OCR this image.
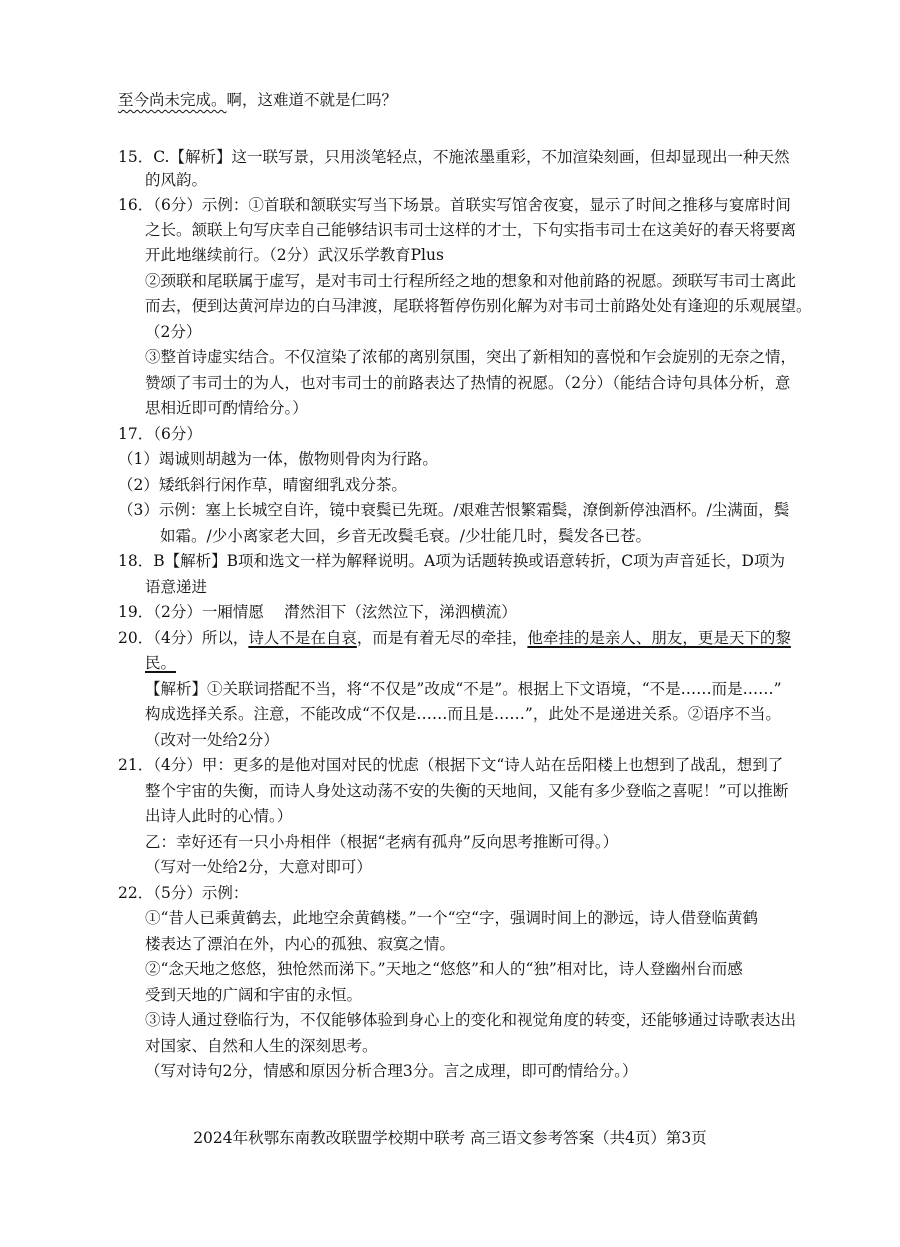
至今尚未完成。啊，这难道不就是仁吗？
15．C.【解析】这一联写景，只用淡笔轻点，不施浓墨重彩，不加渲染刻画，但却显现出一种天然
的风韵。
16．（6分）示例：①首联和颔联实写当下场景。首联实写馆舍夜宴，显示了时间之推移与宴席时间
之长。颔联上句写庆幸自己能够结识韦司士这样的才士，下句实指韦司士在这美好的春天将要离
开此地继续前行。（2分）武汉乐学教育Plus
②颈联和尾联属于虚写，是对韦司士行程所经之地的想象和对他前路的祝愿。颈联写韦司士离此
而去，便到达黄河岸边的白马津渡，尾联将暂停伤别化解为对韦司士前路处处有逢迎的乐观展望。
（2分）
③整首诗虚实结合。不仅渲染了浓郁的离别氛围，突出了新相知的喜悦和乍会旋别的无奈之情，
赞颂了韦司士的为人，也对韦司士的前路表达了热情的祝愿。（2分）（能结合诗句具体分析，意
思相近即可酌情给分。）
17．（6分）
（1）竭诚则胡越为一体，傲物则骨肉为行路。
（2）矮纸斜行闲作草，晴窗细乳戏分茶。
（3）示例：塞上长城空自许，镜中衰鬓已先斑。/艰难苦恨繁霜鬓，潦倒新停浊酒杯。/尘满面，鬓
如霜。/少小离家老大回，乡音无改鬓毛衰。/少壮能几时，鬓发各已苍。
18．B【解析】B项和选文一样为解释说明。A项为话题转换或语意转折，C项为声音延长，D项为
语意递进
19．（2分）一厢情愿　 潸然泪下（泫然泣下，涕泗横流）
20．（4分）所以，诗人不是在自哀，而是有着无尽的牵挂，他牵挂的是亲人、朋友，更是天下的黎
民。
【解析】①关联词搭配不当，将“不仅是”改成“不是”。根据上下文语境，“不是……而是……”
构成选择关系。注意，不能改成“不仅是……而且是……”，此处不是递进关系。②语序不当。
（改对一处给2分）
21．（4分）甲：更多的是他对国对民的忧虑（根据下文“诗人站在岳阳楼上也想到了战乱，想到了
整个宇宙的失衡，而诗人身处这动荡不安的失衡的天地间，又能有多少登临之喜呢！”可以推断
出诗人此时的心情。）
乙：幸好还有一只小舟相伴（根据“老病有孤舟”反向思考推断可得。）
（写对一处给2分，大意对即可）
22．（5分）示例：
①“昔人已乘黄鹤去，此地空余黄鹤楼。”一个“空“字，强调时间上的渺远，诗人借登临黄鹤
楼表达了漂泊在外，内心的孤独、寂寞之情。
②“念天地之悠悠，独怆然而涕下。”天地之“悠悠”和人的“独”相对比，诗人登幽州台而感
受到天地的广阔和宇宙的永恒。
③诗人通过登临行为，不仅能够体验到身心上的变化和视觉角度的转变，还能够通过诗歌表达出
对国家、自然和人生的深刻思考。
（写对诗句2分，情感和原因分析合理3分。言之成理，即可酌情给分。）
2024年秋鄂东南教改联盟学校期中联考 高三语文参考答案（共4页）第3页
